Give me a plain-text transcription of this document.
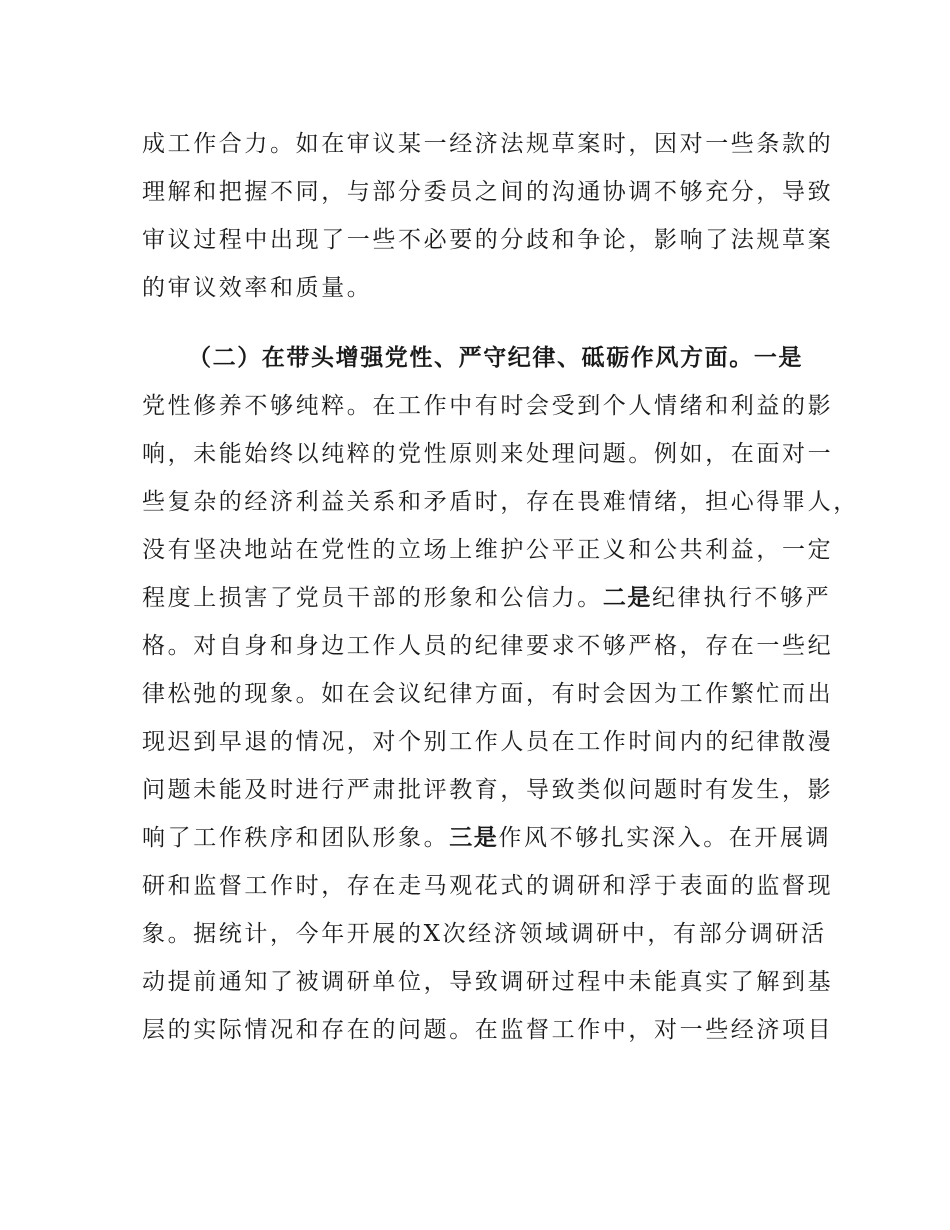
成工作合力。如在审议某一经济法规草案时，因对一些条款的
理解和把握不同，与部分委员之间的沟通协调不够充分，导致
审议过程中出现了一些不必要的分歧和争论，影响了法规草案
的审议效率和质量。
（二）在带头增强党性、严守纪律、砥砺作风方面。一是
党性修养不够纯粹。在工作中有时会受到个人情绪和利益的影
响，未能始终以纯粹的党性原则来处理问题。例如，在面对一
些复杂的经济利益关系和矛盾时，存在畏难情绪，担心得罪人，
没有坚决地站在党性的立场上维护公平正义和公共利益，一定
程度上损害了党员干部的形象和公信力。二是纪律执行不够严
格。对自身和身边工作人员的纪律要求不够严格，存在一些纪
律松弛的现象。如在会议纪律方面，有时会因为工作繁忙而出
现迟到早退的情况，对个别工作人员在工作时间内的纪律散漫
问题未能及时进行严肃批评教育，导致类似问题时有发生，影
响了工作秩序和团队形象。三是作风不够扎实深入。在开展调
研和监督工作时，存在走马观花式的调研和浮于表面的监督现
象。据统计，今年开展的X次经济领域调研中，有部分调研活
动提前通知了被调研单位，导致调研过程中未能真实了解到基
层的实际情况和存在的问题。在监督工作中，对一些经济项目
